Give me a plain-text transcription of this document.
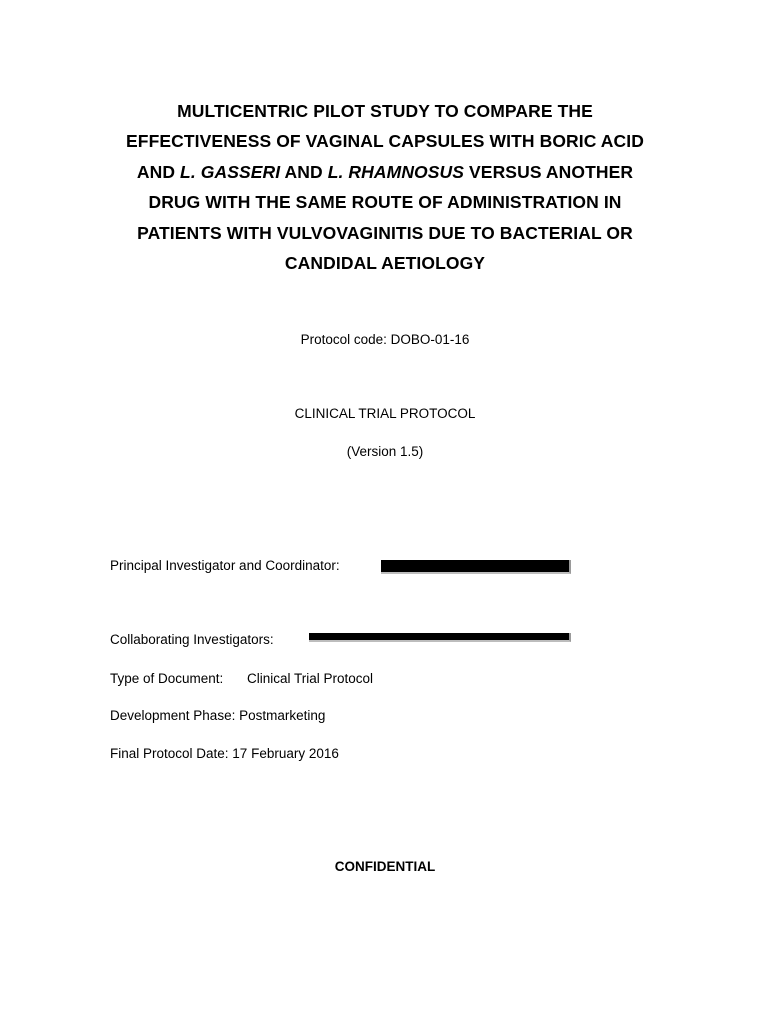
MULTICENTRIC PILOT STUDY TO COMPARE THE
EFFECTIVENESS OF VAGINAL CAPSULES WITH BORIC ACID
AND L. GASSERI AND L. RHAMNOSUS VERSUS ANOTHER
DRUG WITH THE SAME ROUTE OF ADMINISTRATION IN
PATIENTS WITH VULVOVAGINITIS DUE TO BACTERIAL OR
CANDIDAL AETIOLOGY
Protocol code: DOBO-01-16
CLINICAL TRIAL PROTOCOL
(Version 1.5)
Principal Investigator and Coordinator:
Collaborating Investigators:
Type of Document: Clinical Trial Protocol
Development Phase: Postmarketing
Final Protocol Date: 17 February 2016
CONFIDENTIAL
